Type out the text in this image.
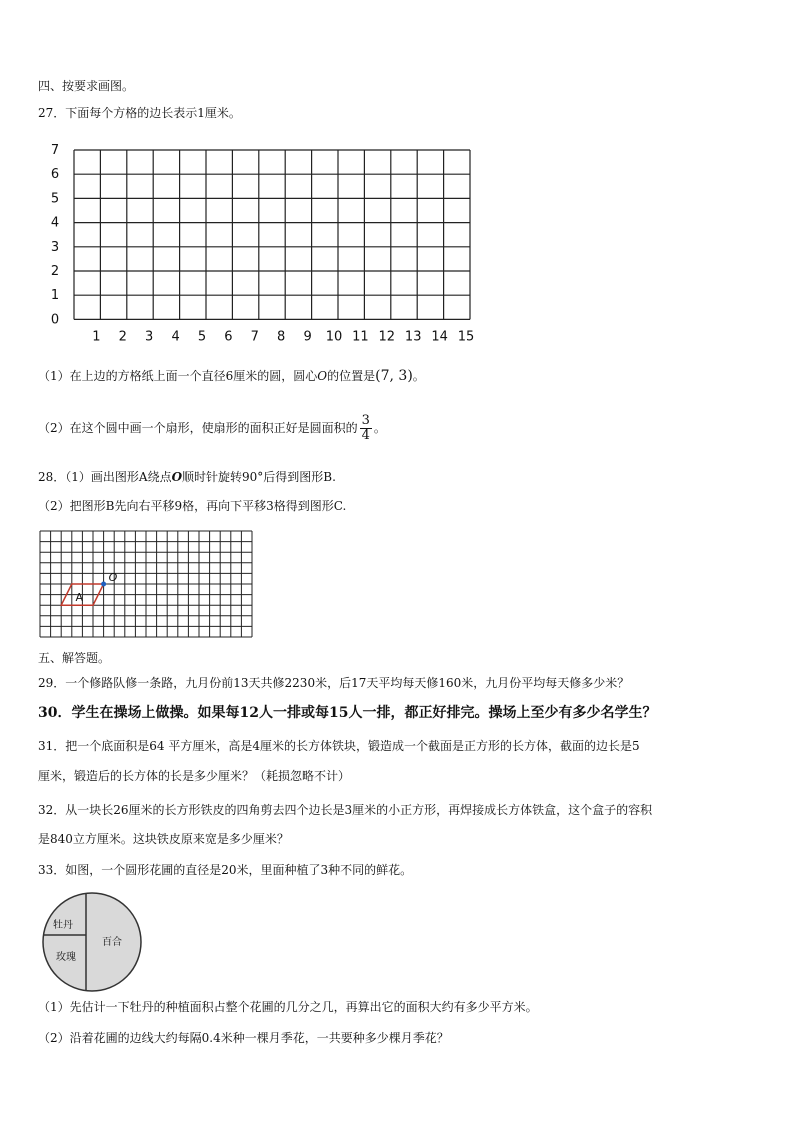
四、按要求画图。
27．下面每个方格的边长表示1厘米。
0
1
2
3
4
5
6
7
1 2 3 4 5 6 7 8 9 10 11 12 13 14 15
（1）在上边的方格纸上面一个直径6厘米的圆，圆心O的位置是(7, 3)。
（2）在这个圆中画一个扇形，使扇形的面积正好是圆面积的 $\frac{3}{4}$ 。
28．（1）画出图形A绕点O顺时针旋转90°后得到图形B.
（2）把图形B先向右平移9格，再向下平移3格得到图形C.
A
O
五、解答题。
29．一个修路队修一条路，九月份前13天共修2230米，后17天平均每天修160米，九月份平均每天修多少米？
30．学生在操场上做操。如果每12人一排或每15人一排，都正好排完。操场上至少有多少名学生？
31．把一个底面积是64 平方厘米，高是4厘米的长方体铁块，锻造成一个截面是正方形的长方体，截面的边长是5
厘米，锻造后的长方体的长是多少厘米？（耗损忽略不计）
32．从一块长26厘米的长方形铁皮的四角剪去四个边长是3厘米的小正方形，再焊接成长方体铁盒，这个盒子的容积
是840立方厘米。这块铁皮原来宽是多少厘米？
33．如图，一个圆形花圃的直径是20米，里面种植了3种不同的鲜花。
牡丹
百合
玫瑰
（1）先估计一下牡丹的种植面积占整个花圃的几分之几，再算出它的面积大约有多少平方米。
（2）沿着花圃的边线大约每隔0.4米种一棵月季花，一共要种多少棵月季花？
